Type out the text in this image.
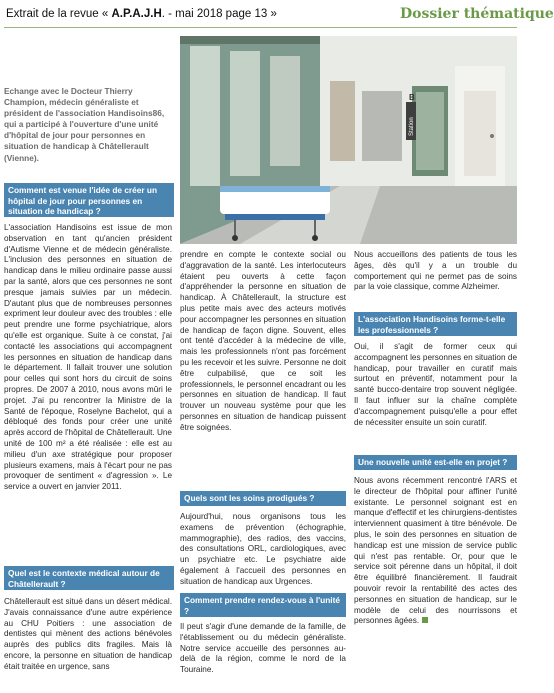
Extrait de la revue « A.P.A.J.H. - mai 2018 page 13 »	Dossier thématique
Echange avec le Docteur Thierry Champion, médecin généraliste et président de l'association Handisoins86, qui a participé à l'ouverture d'une unité d'hôpital de jour pour personnes en situation de handicap à Châtellerault (Vienne).
Station
B
Comment est venue l'idée de créer un hôpital de jour pour personnes en situation de handicap ?

L'association Handisoins est issue de mon observation en tant qu'ancien président d'Autisme Vienne et de médecin généraliste. L'inclusion des personnes en situation de handicap dans le milieu ordinaire passe aussi par la santé, alors que ces personnes ne sont presque jamais suivies par un médecin. D'autant plus que de nombreuses personnes expriment leur douleur avec des troubles : elle peut prendre une forme psychiatrique, alors qu'elle est organique. Suite à ce constat, j'ai contacté les associations qui accompagnent les personnes en situation de handicap dans le département. Il fallait trouver une solution pour celles qui sont hors du circuit de soins propres. De 2007 à 2010, nous avons mûri le projet. J'ai pu rencontrer la Ministre de la Santé de l'époque, Roselyne Bachelot, qui a débloqué des fonds pour créer une unité après accord de l'hôpital de Châtellerault. Une unité de 100 m² a été réalisée : elle est au milieu d'un axe stratégique pour proposer plusieurs examens, mais à l'écart pour ne pas provoquer de sentiment « d'agression ». Le service a ouvert en janvier 2011.

Quel est le contexte médical autour de Châtellerault ?

Châtellerault est situé dans un désert médical. J'avais connaissance d'une autre expérience au CHU Poitiers : une association de dentistes qui mènent des actions bénévoles auprès des publics dits fragiles. Mais là encore, la personne en situation de handicap était traitée en urgence, sans

prendre en compte le contexte social ou d'aggravation de la santé. Les interlocuteurs étaient peu ouverts à cette façon d'appréhender la personne en situation de handicap. À Châtellerault, la structure est plus petite mais avec des acteurs motivés pour accompagner les personnes en situation de handicap de façon digne. Souvent, elles ont tenté d'accéder à la médecine de ville, mais les professionnels n'ont pas forcément pu les recevoir et les suivre. Personne ne doit être culpabilisé, que ce soit les professionnels, le personnel encadrant ou les personnes en situation de handicap. Il faut trouver un nouveau système pour que les personnes en situation de handicap puissent être soignées.

Quels sont les soins prodigués ?

Aujourd'hui, nous organisons tous les examens de prévention (échographie, mammographie), des radios, des vaccins, des consultations ORL, cardiologiques, avec un psychiatre etc. Le psychiatre aide également à l'accueil des personnes en situation de handicap aux Urgences.

Comment prendre rendez-vous à l'unité ?

Il peut s'agir d'une demande de la famille, de l'établissement ou du médecin généraliste. Notre service accueille des personnes au-delà de la région, comme le nord de la Touraine.

Nous accueillons des patients de tous les âges, dès qu'il y a un trouble du comportement qui ne permet pas de soins par la voie classique, comme Alzheimer.

L'association Handisoins forme-t-elle les professionnels ?

Oui, il s'agit de former ceux qui accompagnent les personnes en situation de handicap, pour travailler en curatif mais surtout en préventif, notamment pour la santé bucco-dentaire trop souvent négligée. Il faut influer sur la chaîne complète d'accompagnement puisqu'elle a pour effet de nécessiter ensuite un soin curatif.

Une nouvelle unité est-elle en projet ?

Nous avons récemment rencontré l'ARS et le directeur de l'hôpital pour affiner l'unité existante. Le personnel soignant est en manque d'effectif et les chirurgiens-dentistes interviennent quasiment à titre bénévole. De plus, le soin des personnes en situation de handicap est une mission de service public qui n'est pas rentable. Or, pour que le service soit pérenne dans un hôpital, il doit être équilibré financièrement. Il faudrait pouvoir revoir la rentabilité des actes des personnes en situation de handicap, sur le modèle de celui des nourrissons et personnes âgées.
